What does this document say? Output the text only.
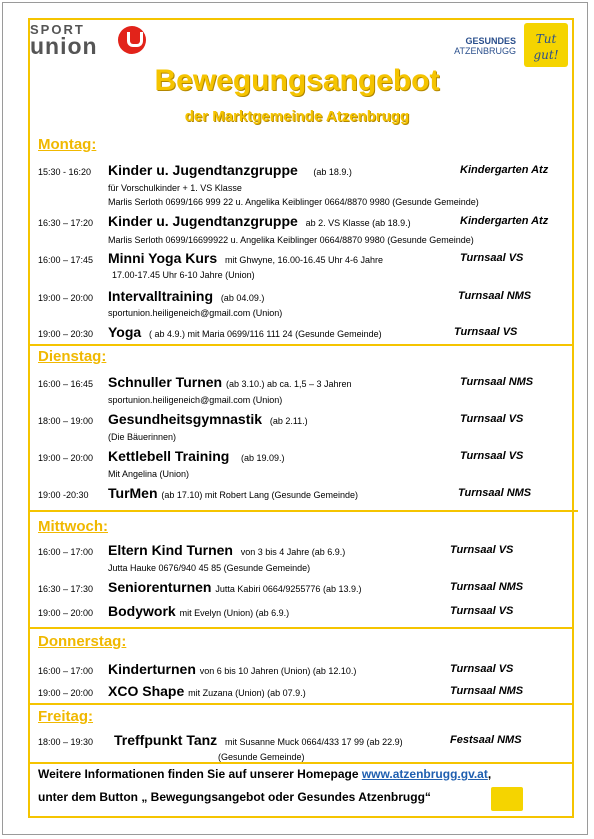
SPORT
union	GESUNDES
ATZENBRUGG
Tut gut!
Bewegungsangebot
der Marktgemeinde Atzenbrugg
Montag:
15:30 - 16:20 Kinder u. Jugendtanzgruppe (ab 18.9.)	Kindergarten Atz
für Vorschulkinder + 1. VS Klasse
Marlis Serloth 0699/166 999 22 u. Angelika Keiblinger 0664/8870 9980 (Gesunde Gemeinde)
16:30 – 17:20 Kinder u. Jugendtanzgruppe ab 2. VS Klasse (ab 18.9.)	Kindergarten Atz
Marlis Serloth 0699/16699922 u. Angelika Keiblinger 0664/8870 9980 (Gesunde Gemeinde)
16:00 – 17:45 Minni Yoga Kurs mit Ghwyne, 16.00-16.45 Uhr 4-6 Jahre	Turnsaal VS
17.00-17.45 Uhr 6-10 Jahre (Union)
19:00 – 20:00 Intervalltraining (ab 04.09.)	Turnsaal NMS
sportunion.heiligeneich@gmail.com (Union)
19:00 – 20:30 Yoga ( ab 4.9.) mit Maria 0699/116 111 24 (Gesunde Gemeinde)	Turnsaal VS
Dienstag:
16:00 – 16:45 Schnuller Turnen (ab 3.10.) ab ca. 1,5 – 3 Jahren	Turnsaal NMS
sportunion.heiligeneich@gmail.com (Union)
18:00 – 19:00 Gesundheitsgymnastik (ab 2.11.)	Turnsaal VS
(Die Bäuerinnen)
19:00 – 20:00 Kettlebell Training (ab 19.09.)	Turnsaal VS
Mit Angelina (Union)
19:00 -20:30 TurMen (ab 17.10) mit Robert Lang (Gesunde Gemeinde)	Turnsaal NMS
Mittwoch:
16:00 – 17:00 Eltern Kind Turnen von 3 bis 4 Jahre (ab 6.9.)	Turnsaal VS
Jutta Hauke 0676/940 45 85 (Gesunde Gemeinde)
16:30 – 17:30 Seniorenturnen Jutta Kabiri 0664/9255776 (ab 13.9.)	Turnsaal NMS
19:00 – 20:00 Bodywork mit Evelyn (Union) (ab 6.9.)	Turnsaal VS
Donnerstag:
16:00 – 17:00 Kinderturnen von 6 bis 10 Jahren (Union) (ab 12.10.)	Turnsaal VS
19:00 – 20:00 XCO Shape mit Zuzana (Union) (ab 07.9.)	Turnsaal NMS
Freitag:
18:00 – 19:30 Treffpunkt Tanz mit Susanne Muck 0664/433 17 99 (ab 22.9)	Festsaal NMS
(Gesunde Gemeinde)
Weitere Informationen finden Sie auf unserer Homepage www.atzenbrugg.gv.at,
unter dem Button „ Bewegungsangebot oder Gesundes Atzenbrugg“
